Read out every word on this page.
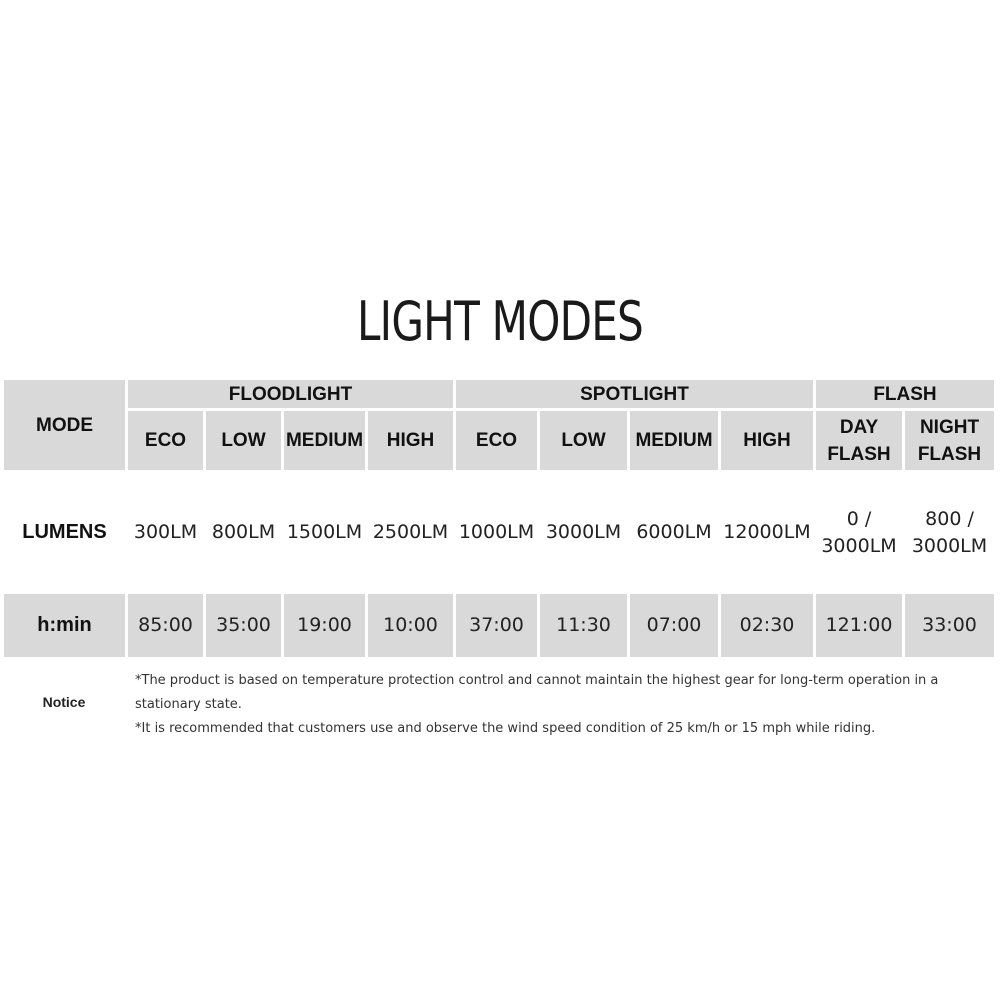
LIGHT MODES
MODE
FLOODLIGHT	SPOTLIGHT	FLASH
ECO LOW MEDIUM HIGH ECO LOW MEDIUM HIGH
DAY FLASH
NIGHT FLASH
LUMENS 300LM 800LM 1500LM 2500LM 1000LM 3000LM 6000LM 12000LM
0 / 3000LM
800 / 3000LM
h:min 85:00 35:00 19:00 10:00 37:00 11:30 07:00 02:30 121:00 33:00
Notice
*The product is based on temperature protection control and cannot maintain the highest gear for long-term operation in a stationary state.
*It is recommended that customers use and observe the wind speed condition of 25 km/h or 15 mph while riding.
